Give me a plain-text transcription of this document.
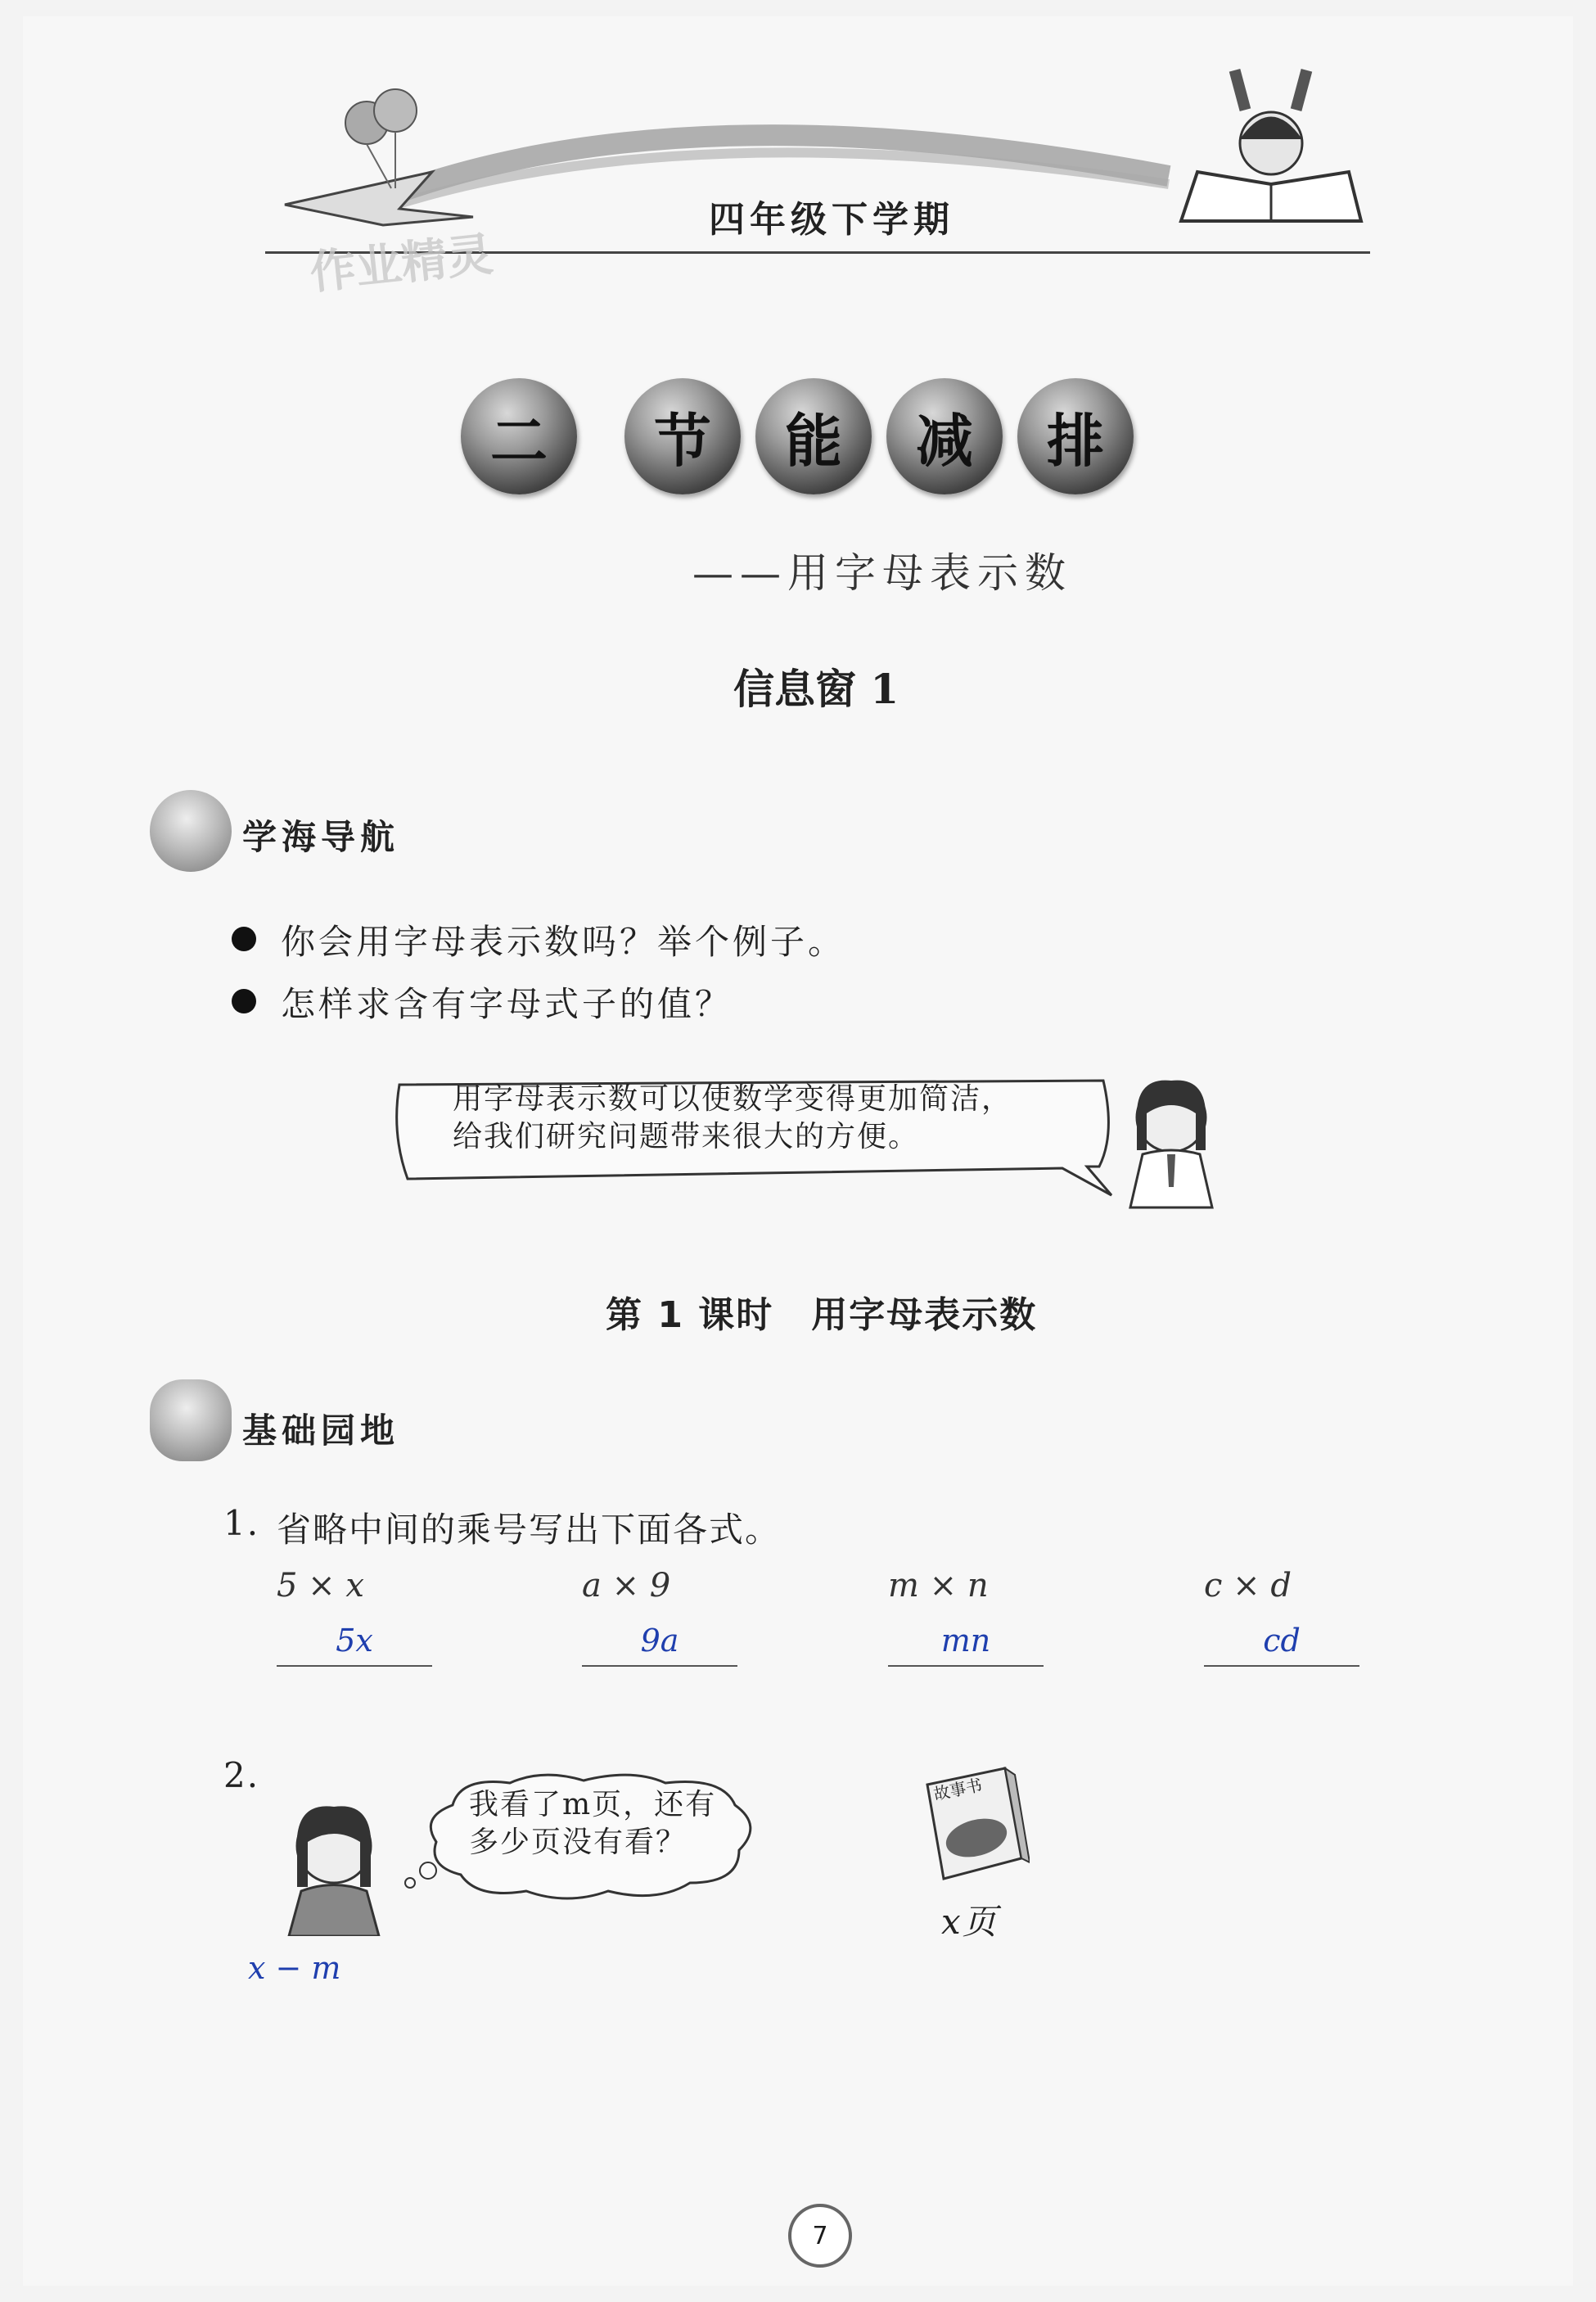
四年级下学期
作业精灵
二	节	能	减	排
——用字母表示数
信息窗 1
学海导航
你会用字母表示数吗？举个例子。
怎样求含有字母式子的值？
用字母表示数可以使数学变得更加简洁，
给我们研究问题带来很大的方便。
第 1 课时　用字母表示数
基础园地
1. 省略中间的乘号写出下面各式。
5 × x	a × 9	m × n	c × d
5x	9a	mn	cd
2.
我看了m页，还有
多少页没有看？
故事书
x页
x − m
7
